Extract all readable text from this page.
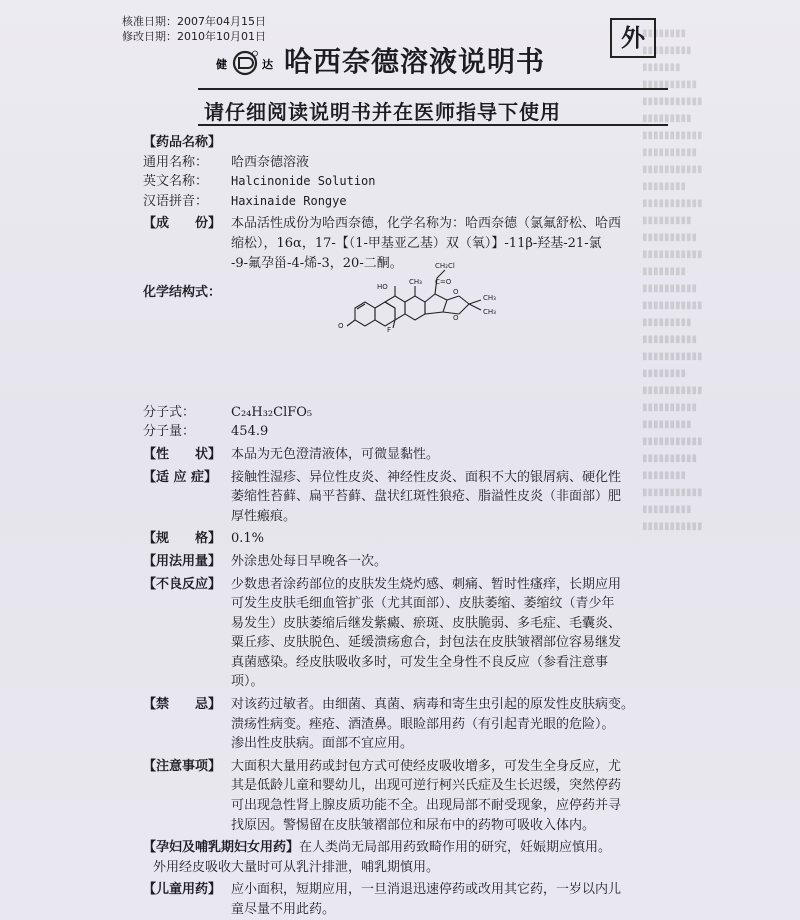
▮▮▮▮▮▮▮▮
▮▮▮▮▮▮▮▮▮
▮▮▮▮▮▮▮
▮▮▮▮▮▮▮▮▮▮
▮▮▮▮▮▮▮▮▮▮▮
▮▮▮▮▮▮▮▮▮
▮▮▮▮▮▮▮▮▮▮▮
▮▮▮▮▮▮▮▮▮▮
▮▮▮▮▮▮▮▮▮▮▮
▮▮▮▮▮▮▮▮
▮▮▮▮▮▮▮▮▮▮▮
▮▮▮▮▮▮▮▮▮
▮▮▮▮▮▮▮▮▮▮
▮▮▮▮▮▮▮▮▮▮▮
▮▮▮▮▮▮▮▮
▮▮▮▮▮▮▮▮▮▮
▮▮▮▮▮▮▮▮▮▮▮
▮▮▮▮▮▮▮▮▮
▮▮▮▮▮▮▮▮▮▮
▮▮▮▮▮▮▮▮▮▮▮
▮▮▮▮▮▮▮▮
▮▮▮▮▮▮▮▮▮▮▮
▮▮▮▮▮▮▮▮▮▮
▮▮▮▮▮▮▮▮▮
▮▮▮▮▮▮▮▮▮▮▮
▮▮▮▮▮▮▮▮▮▮
▮▮▮▮▮▮▮▮
▮▮▮▮▮▮▮▮▮▮▮
▮▮▮▮▮▮▮▮▮
▮▮▮▮▮▮▮▮▮▮▮

核准日期：2007年04月15日
修改日期：2010年10月01日
健	达 哈西奈德溶液说明书
外
请仔细阅读说明书并在医师指导下使用
【药品名称】
通用名称： 哈西奈德溶液
英文名称： Halcinonide Solution
汉语拼音： Haxinaide Rongye
【成　　份】 本品活性成份为哈西奈德，化学名称为：哈西奈德（氯氟舒松、哈西
缩松），16α，17-【（1-甲基亚乙基）双（氧）】-11β-羟基-21-氯
-9-氟孕甾-4-烯-3，20-二酮。
化学结构式：
分子式：	C₂₄H₃₂ClFO₅
分子量：	454.9
【性　　状】 本品为无色澄清液体，可微显黏性。
【适 应 症】 接触性湿疹、异位性皮炎、神经性皮炎、面积不大的银屑病、硬化性
萎缩性苔藓、扁平苔藓、盘状红斑性狼疮、脂溢性皮炎（非面部）肥
厚性瘢痕。
【规　　格】 0.1%
【用法用量】 外涂患处每日早晚各一次。
【不良反应】 少数患者涂药部位的皮肤发生烧灼感、刺痛、暂时性瘙痒，长期应用
可发生皮肤毛细血管扩张（尤其面部）、皮肤萎缩、萎缩纹（青少年
易发生）皮肤萎缩后继发紫癜、瘀斑、皮肤脆弱、多毛症、毛囊炎、
粟丘疹、皮肤脱色、延缓溃疡愈合，封包法在皮肤皱褶部位容易继发
真菌感染。经皮肤吸收多时，可发生全身性不良反应（参看注意事
项）。
【禁　　忌】 对该药过敏者。由细菌、真菌、病毒和寄生虫引起的原发性皮肤病变。
溃疡性病变。痤疮、酒渣鼻。眼睑部用药（有引起青光眼的危险）。
渗出性皮肤病。面部不宜应用。
【注意事项】 大面积大量用药或封包方式可使经皮吸收增多，可发生全身反应，尤
其是低龄儿童和婴幼儿，出现可逆行柯兴氏症及生长迟缓，突然停药
可出现急性肾上腺皮质功能不全。出现局部不耐受现象，应停药并寻
找原因。警惕留在皮肤皱褶部位和尿布中的药物可吸收入体内。
【孕妇及哺乳期妇女用药】在人类尚无局部用药致畸作用的研究，妊娠期应慎用。
外用经皮吸收大量时可从乳汁排泄，哺乳期慎用。
【儿童用药】 应小面积，短期应用，一旦消退迅速停药或改用其它药，一岁以内儿
童尽量不用此药。
O
HO
F
CH₂Cl
C=O
O
O
CH₃
CH₃
CH₃
